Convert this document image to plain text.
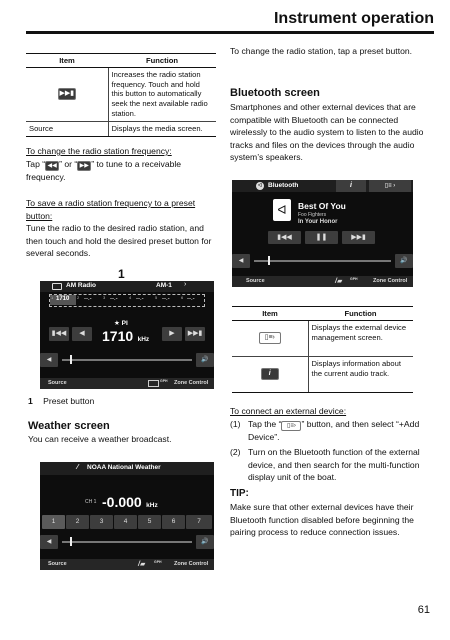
Instrument operation
Item	Function
▶▶▮	Increases the radio station frequency. Touch and hold this button to automatically seek the next available radio station.
Source	Displays the media screen.
To change the radio station frequency:
Tap “ ◀◀ ” or “ ▶▶ ” to tune to a receivable frequency.
To save a radio station frequency to a preset button:
Tune the radio to the desired radio station, and then touch and hold the desired preset button for several seconds.
1
AM Radio	AM-1 ›
1 1710 2 --.-	3 --.-	4 --.-	5 --.-	6 --.-
★ PI
▮◀◀	◀	1710 kHz
▶	▶▶▮
◀	🔊
Source	GPH Zone Control
1 Preset button
Weather screen
You can receive a weather broadcast.
⁄ NOAA National Weather
CH 1 -0.000 kHz
1	2	3	4	5	6	7
◀	🔊
Source	/▰ GPH Zone Control
To change the radio station, tap a preset button.
Bluetooth screen
Smartphones and other external devices that are compatible with Bluetooth can be connected wirelessly to the audio system to listen to the audio tracks and files on the devices through the audio system’s speakers.
ᐊ Bluetooth	i	▯≡ ›
ᐊ	Best Of You
Foo Fighters
In Your Honor
▮◀◀	❚❚	▶▶▮
◀	🔊
Source	/▰ GPH	Zone Control
Item	Function
▯≡›	Displays the external device management screen.
i	Displays information about the current audio track.
To connect an external device:
(1) Tap the “ ▯≡› ” button, and then select “+Add Device”.
(2) Turn on the Bluetooth function of the external device, and then search for the multi-function display unit of the boat.
TIP:
Make sure that other external devices have their Bluetooth function disabled before beginning the pairing process to reduce connection issues.
61
